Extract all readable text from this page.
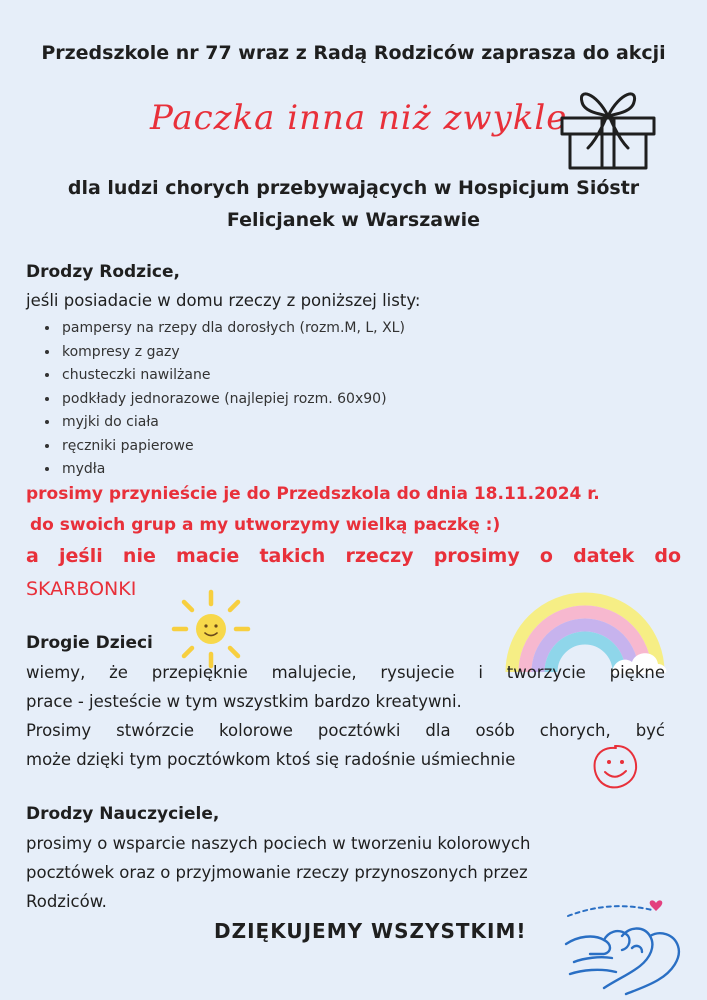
Przedszkole nr 77 wraz z Radą Rodziców zaprasza do akcji
Paczka inna niż zwykle
dla ludzi chorych przebywających w Hospicjum Sióstr
Felicjanek w Warszawie
Drodzy Rodzice,
jeśli posiadacie w domu rzeczy z poniższej listy:
• pampersy na rzepy dla dorosłych (rozm.M, L, XL)
• kompresy z gazy
• chusteczki nawilżane
• podkłady jednorazowe (najlepiej rozm. 60x90)
• myjki do ciała
• ręczniki papierowe
• mydła
prosimy przynieście je do Przedszkola do dnia 18.11.2024 r.
do swoich grup a my utworzymy wielką paczkę :)
a jeśli nie macie takich rzeczy prosimy o datek do
SKARBONKI
Drogie Dzieci
wiemy, że przepięknie malujecie, rysujecie i tworzycie piękne
prace - jesteście w tym wszystkim bardzo kreatywni.
Prosimy stwórzcie kolorowe pocztówki dla osób chorych, być
może dzięki tym pocztówkom ktoś się radośnie uśmiechnie
Drodzy Nauczyciele,
prosimy o wsparcie naszych pociech w tworzeniu kolorowych
pocztówek oraz o przyjmowanie rzeczy przynoszonych przez
Rodziców.
DZIĘKUJEMY WSZYSTKIM!
